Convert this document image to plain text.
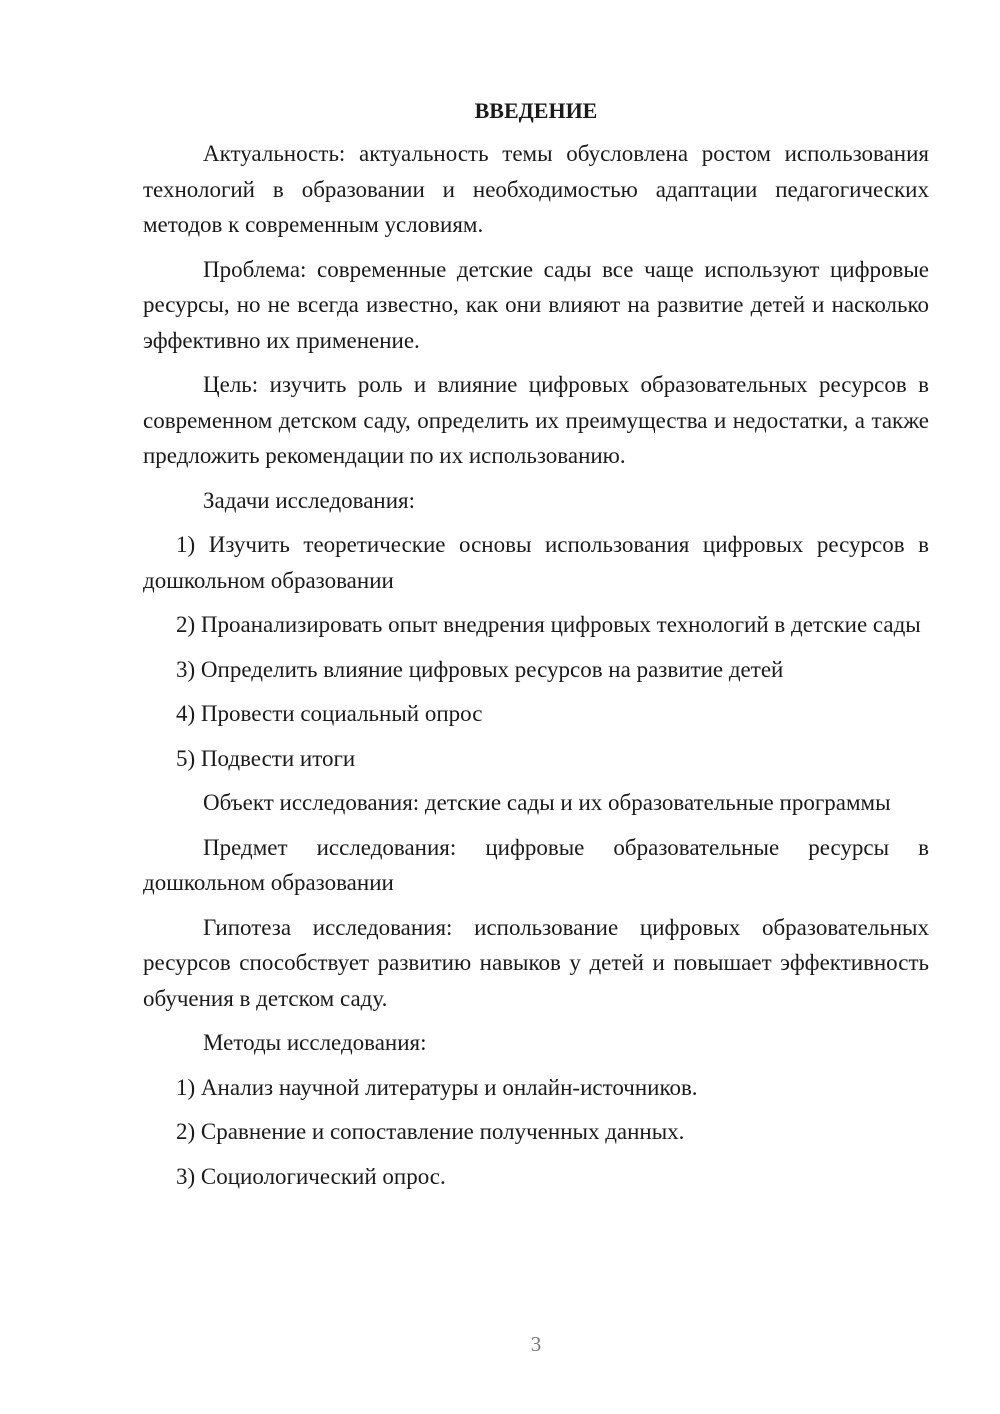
ВВЕДЕНИЕ

Актуальность: актуальность темы обусловлена ростом использования технологий в образовании и необходимостью адаптации педагогических методов к современным условиям.

Проблема: современные детские сады все чаще используют цифровые ресурсы, но не всегда известно, как они влияют на развитие детей и насколько эффективно их применение.

Цель: изучить роль и влияние цифровых образовательных ресурсов в современном детском саду, определить их преимущества и недостатки, а также предложить рекомендации по их использованию.

Задачи исследования:

1) Изучить теоретические основы использования цифровых ресурсов в дошкольном образовании

2) Проанализировать опыт внедрения цифровых технологий в детские сады

3) Определить влияние цифровых ресурсов на развитие детей

4) Провести социальный опрос

5) Подвести итоги

Объект исследования: детские сады и их образовательные программы

Предмет исследования: цифровые образовательные ресурсы в дошкольном образовании

Гипотеза исследования: использование цифровых образовательных ресурсов способствует развитию навыков у детей и повышает эффективность обучения в детском саду.

Методы исследования:

1) Анализ научной литературы и онлайн-источников.

2) Сравнение и сопоставление полученных данных.

3) Социологический опрос.

3
